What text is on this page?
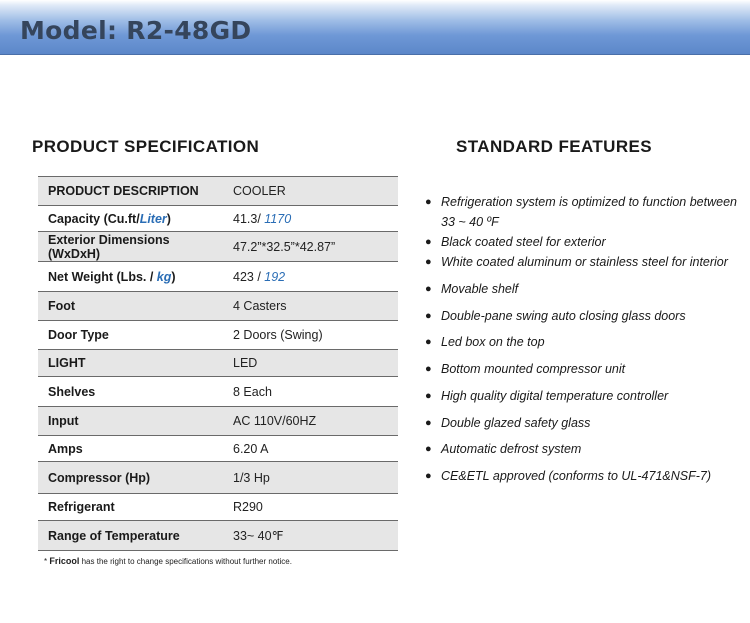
Model: R2-48GD
PRODUCT SPECIFICATION	STANDARD FEATURES
PRODUCT DESCRIPTION	COOLER
Capacity (Cu.ft/Liter)	41.3/ 1170
Exterior Dimensions (WxDxH)	47.2”*32.5”*42.87”
Net Weight (Lbs. / kg)	423 / 192
Foot	4 Casters
Door Type	2 Doors (Swing)
LIGHT	LED
Shelves	8 Each
Input	AC 110V/60HZ
Amps	6.20 A
Compressor (Hp)	1/3 Hp
Refrigerant	R290
Range of Temperature	33~ 40℉
* Fricool has the right to change specifications without further notice.
● Refrigeration system is optimized to function between 33 ~ 40 ºF
● Black coated steel for exterior
● White coated aluminum or stainless steel for interior
● Movable shelf
● Double-pane swing auto closing glass doors
● Led box on the top
● Bottom mounted compressor unit
● High quality digital temperature controller
● Double glazed safety glass
● Automatic defrost system
● CE&ETL approved (conforms to UL-471&NSF-7)
